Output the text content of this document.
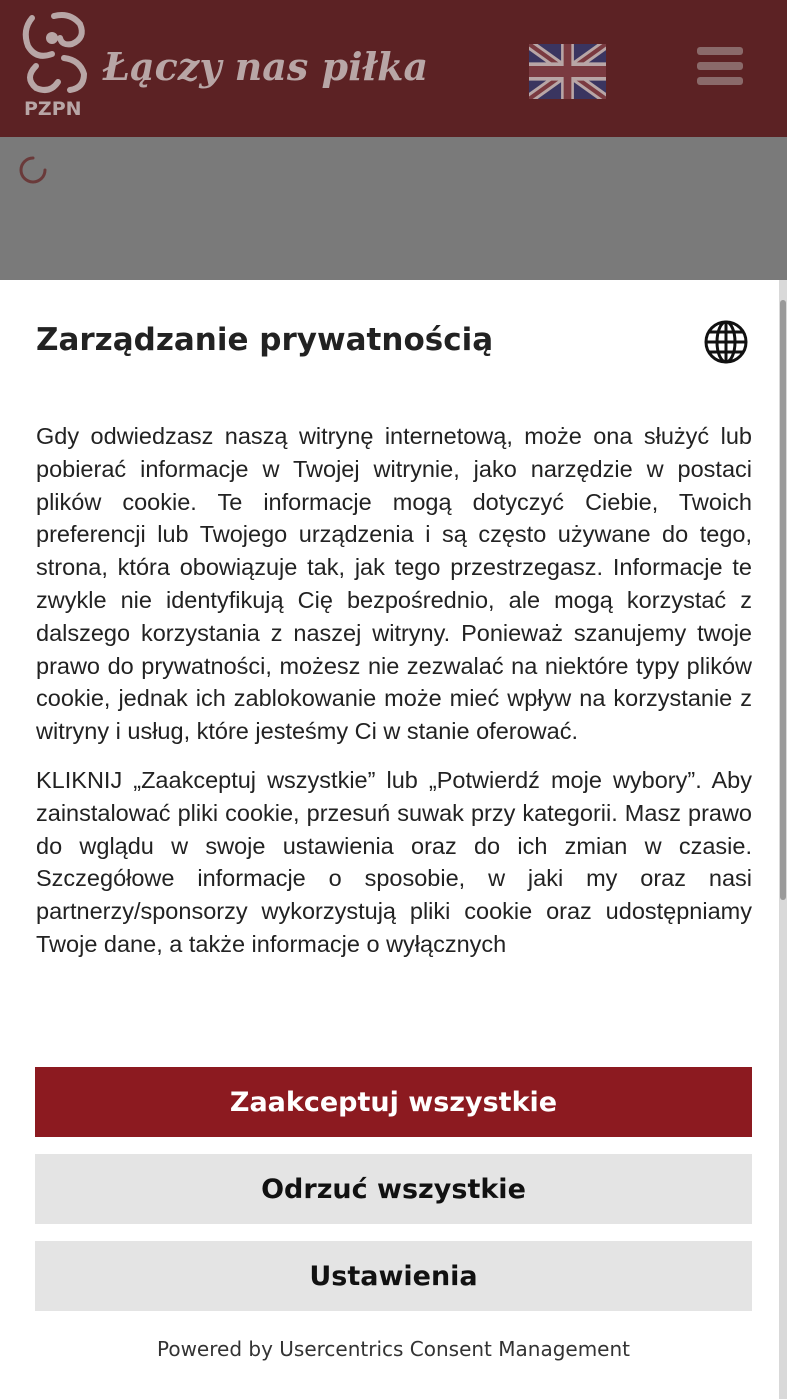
PZPN
Łączy nas piłka
Zarządzanie prywatnością

Gdy odwiedzasz naszą witrynę internetową, może ona służyć lub pobierać informacje w Twojej witrynie, jako narzędzie w postaci plików cookie. Te informacje mogą dotyczyć Ciebie, Twoich preferencji lub Twojego urządzenia i są często używane do tego, strona, która obowiązuje tak, jak tego przestrzegasz. Informacje te zwykle nie identyfikują Cię bezpośrednio, ale mogą korzystać z dalszego korzystania z naszej witryny. Ponieważ szanujemy twoje prawo do prywatności, możesz nie zezwalać na niektóre typy plików cookie, jednak ich zablokowanie może mieć wpływ na korzystanie z witryny i usług, które jesteśmy Ci w stanie oferować.

KLIKNIJ „Zaakceptuj wszystkie” lub „Potwierdź moje wybory”. Aby zainstalować pliki cookie, przesuń suwak przy kategorii. Masz prawo do wglądu w swoje ustawienia oraz do ich zmian w czasie. Szczegółowe informacje o sposobie, w jaki my oraz nasi partnerzy/sponsorzy wykorzystują pliki cookie oraz udostępniamy Twoje dane, a także informacje o wyłącznych

Zaakceptuj wszystkie
Odrzuć wszystkie
Ustawienia
Powered by Usercentrics Consent Management
